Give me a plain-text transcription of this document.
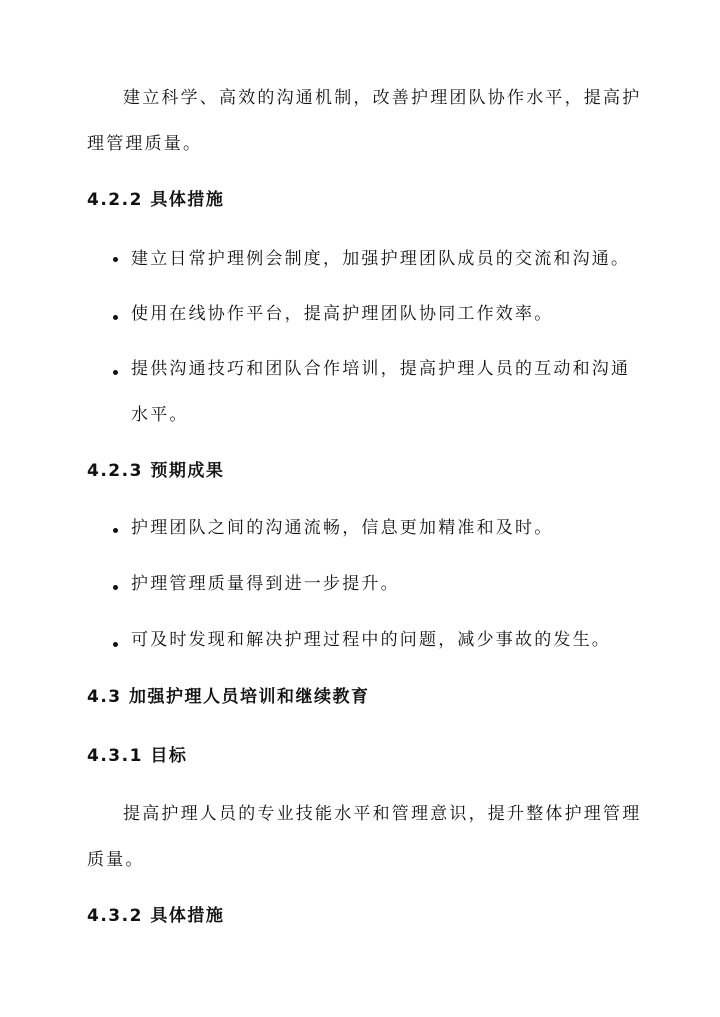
建立科学、高效的沟通机制，改善护理团队协作水平，提高护
理管理质量。
4.2.2 具体措施
建立日常护理例会制度，加强护理团队成员的交流和沟通。
使用在线协作平台，提高护理团队协同工作效率。
提供沟通技巧和团队合作培训，提高护理人员的互动和沟通
水平。
4.2.3 预期成果
护理团队之间的沟通流畅，信息更加精准和及时。
护理管理质量得到进一步提升。
可及时发现和解决护理过程中的问题，减少事故的发生。
4.3 加强护理人员培训和继续教育
4.3.1 目标
提高护理人员的专业技能水平和管理意识，提升整体护理管理
质量。
4.3.2 具体措施
